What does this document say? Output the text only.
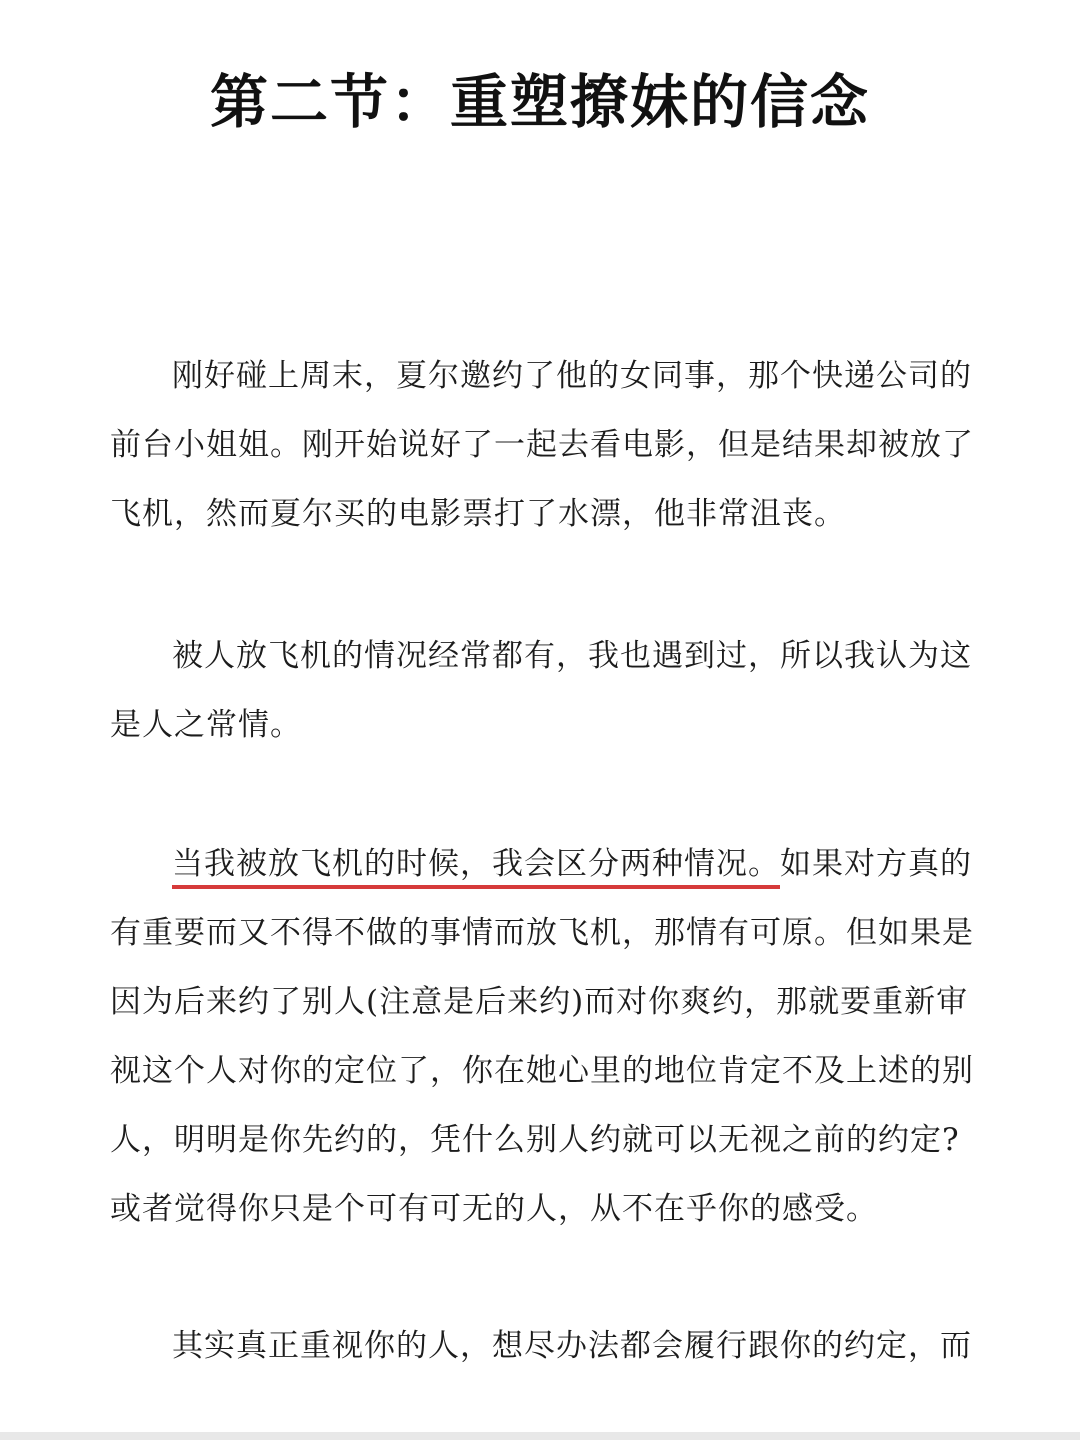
第二节：重塑撩妹的信念

刚好碰上周末，夏尔邀约了他的女同事，那个快递公司的前台小姐姐。刚开始说好了一起去看电影，但是结果却被放了飞机，然而夏尔买的电影票打了水漂，他非常沮丧。

被人放飞机的情况经常都有，我也遇到过，所以我认为这是人之常情。

当我被放飞机的时候，我会区分两种情况。如果对方真的有重要而又不得不做的事情而放飞机，那情有可原。但如果是因为后来约了别人(注意是后来约)而对你爽约，那就要重新审视这个人对你的定位了，你在她心里的地位肯定不及上述的别人，明明是你先约的，凭什么别人约就可以无视之前的约定?或者觉得你只是个可有可无的人，从不在乎你的感受。

其实真正重视你的人，想尽办法都会履行跟你的约定，而
